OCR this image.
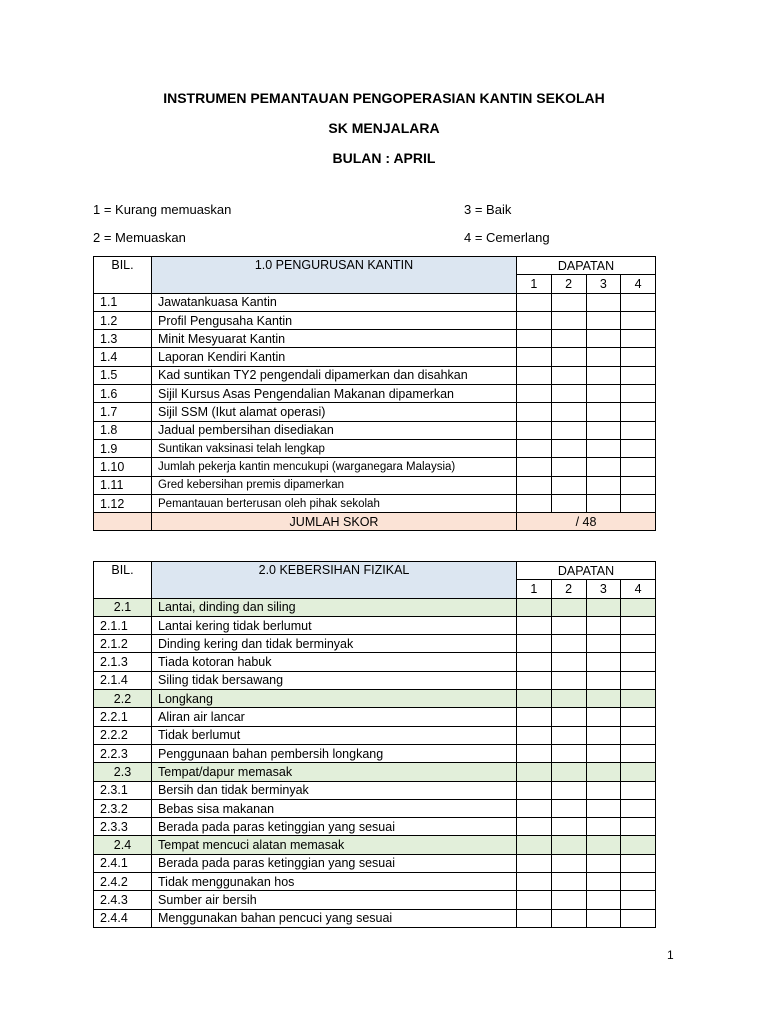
INSTRUMEN PEMANTAUAN PENGOPERASIAN KANTIN SEKOLAH
SK MENJALARA
BULAN : APRIL
1 = Kurang memuaskan	3 = Baik
2 = Memuaskan	4 = Cemerlang
BIL.	1.0 PENGURUSAN KANTIN	DAPATAN			
		1	2	3	4
1.1	Jawatankuasa Kantin				
1.2	Profil Pengusaha Kantin				
1.3	Minit Mesyuarat Kantin				
1.4	Laporan Kendiri Kantin				
1.5	Kad suntikan TY2 pengendali dipamerkan dan disahkan				
1.6	Sijil Kursus Asas Pengendalian Makanan dipamerkan				
1.7	Sijil SSM (Ikut alamat operasi)				
1.8	Jadual pembersihan disediakan				
1.9	Suntikan vaksinasi telah lengkap				
1.10	Jumlah pekerja kantin mencukupi (warganegara Malaysia)				
1.11	Gred kebersihan premis dipamerkan				
1.12	Pemantauan berterusan oleh pihak sekolah				
	JUMLAH SKOR	/ 48			
BIL.	2.0 KEBERSIHAN FIZIKAL	DAPATAN			
		1	2	3	4
2.1	Lantai, dinding dan siling				
2.1.1	Lantai kering tidak berlumut				
2.1.2	Dinding kering dan tidak berminyak				
2.1.3	Tiada kotoran habuk				
2.1.4	Siling tidak bersawang				
2.2	Longkang				
2.2.1	Aliran air lancar				
2.2.2	Tidak berlumut				
2.2.3	Penggunaan bahan pembersih longkang				
2.3	Tempat/dapur memasak				
2.3.1	Bersih dan tidak berminyak				
2.3.2	Bebas sisa makanan				
2.3.3	Berada pada paras ketinggian yang sesuai				
2.4	Tempat mencuci alatan memasak				
2.4.1	Berada pada paras ketinggian yang sesuai				
2.4.2	Tidak menggunakan hos				
2.4.3	Sumber air bersih				
2.4.4	Menggunakan bahan pencuci yang sesuai				
1
